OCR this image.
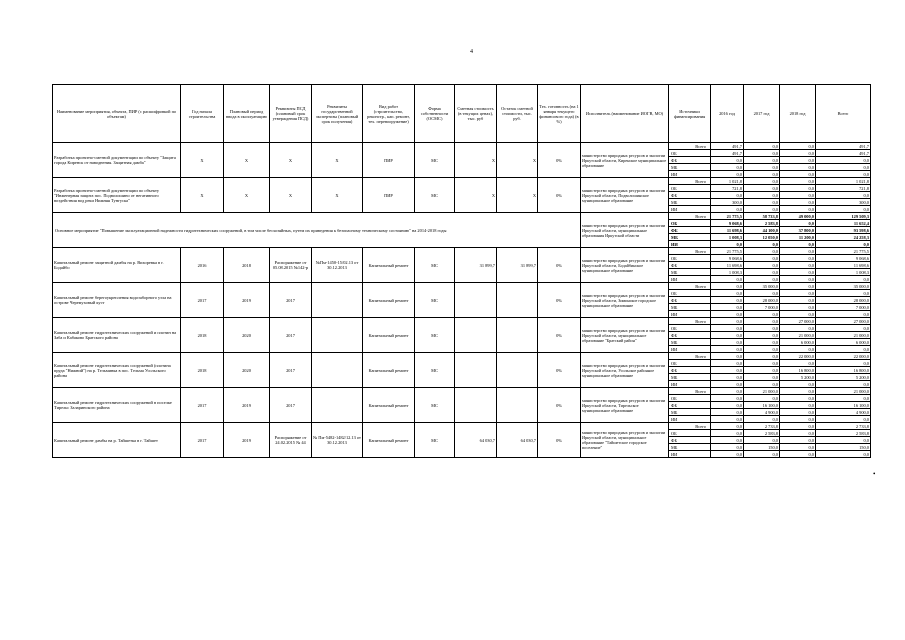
4
Наименование мероприятия, объекта, ПИР (с расшифровкой по объектам)	Год начала строительства	Плановый период ввода в эксплуатацию	Реквизиты ПСД (плановый срок утверждения ПСД)	Реквизиты государственной экспертизы (плановый срок получения)	Вид работ (строительство, реконстр., кап. ремонт, тех. перевооружение)	Форма собственности (ОСМС)	Сметная стоимость (в текущих ценах), тыс. руб	Остаток сметной стоимости, тыс. руб.	Тех. готовность (на 1 января текущего финансового года) (в %)	Исполнитель (наименование ИОГВ, МО)	Источники финансирования	2016 год	2017 год	2018 год	Всего
Разработка проектно-сметной документации по объекту "Защита города Киренск от наводнения. Защитная дамба"	X	X	X	X	ПИР	МС	X	X	0%	министерство природных ресурсов и экологии Иркутской области, Киренское муниципальное образование	Всего	491,7	0,0	0,0	491,7
											ОБ	491,7	0,0	0,0	491,7
											ФБ	0,0	0,0	0,0	0,0
											МБ	0,0	0,0	0,0	0,0
											ИИ	0,0	0,0	0,0	0,0
Разработка проектно-сметной документации по объекту "Инженерная защита пос. Подволошино от негативного воздействия вод реки Нижняя Тунгуска"	X	X	X	X	ПИР	МС	X	X	0%	министерство природных ресурсов и экологии Иркутской области, Подволошинское муниципальное образование	Всего	1 021,8	0,0	0,0	1 021,8
											ОБ	721,8	0,0	0,0	721,8
											ФБ	0,0	0,0	0,0	0,0
											МБ	300,0	0,0	0,0	300,0
											ИИ	0,0	0,0	0,0	0,0
Основное мероприятие "Повышение эксплуатационной надежности гидротехнических сооружений, в том числе бесхозяйных, путем их приведения к безопасному техническому состоянию" на 2014-2018 годы										министерство природных ресурсов и экологии Иркутской области, муниципальные образования Иркутской области	Всего	21 775,5	58 733,8	49 000,0	129 509,3
											ОБ	9 068,6	2 583,8	0,0	11 652,4
											ФБ	11 698,6	44 100,0	37 800,0	93 598,6
											МБ	1 008,3	12 050,0	11 200,0	24 258,3
											ИИ	0,0	0,0	0,0	0,0
Капитальный ремонт защитной дамбы на р. Вихоревка в г. Бодайбо	2016	2018	Распоряжение от 05.08.2015 №142-р	№Пм-1450-15/02.13 от 30.12.2013	Капитальный ремонт	МС	31 899,7	31 899,7	0%	министерство природных ресурсов и экологии Иркутской области, Бодайбинское муниципальное образование	Всего	21 775,5	0,0	0,0	21 775,5
											ОБ	9 068,6	0,0	0,0	9 068,6
											ФБ	11 698,6	0,0	0,0	11 698,6
											МБ	1 008,3	0,0	0,0	1 008,3
											ИИ	0,0	0,0	0,0	0,0
Капитальный ремонт берегоукрепления водозаборного узла на острове Черемуховый куст	2017	2019	2017		Капитальный ремонт	МС			0%	министерство природных ресурсов и экологии Иркутской области, Зиминское городское муниципальное образование	Всего	0,0	35 000,0	0,0	35 000,0
											ОБ	0,0	0,0	0,0	0,0
											ФБ	0,0	28 000,0	0,0	28 000,0
											МБ	0,0	7 000,0	0,0	7 000,0
											ИИ	0,0	0,0	0,0	0,0
Капитальный ремонт гидротехнических сооружений и плотин на Заба и Кабаково Братского района	2018	2020	2017		Капитальный ремонт	МС			0%	министерство природных ресурсов и экологии Иркутской области, муниципальное образование "Братский район"	Всего	0,0	0,0	27 000,0	27 000,0
											ОБ	0,0	0,0	0,0	0,0
											ФБ	0,0	0,0	21 000,0	21 000,0
											МБ	0,0	0,0	6 000,0	6 000,0
											ИИ	0,0	0,0	0,0	0,0
Капитальный ремонт гидротехнических сооружений (плотина пруда "Нижний") на р. Тельминка в пос. Тельма Усольского района	2018	2020	2017		Капитальный ремонт	МС			0%	министерство природных ресурсов и экологии Иркутской области, Усольское районное муниципальное образование	Всего	0,0	0,0	22 000,0	22 000,0
											ОБ	0,0	0,0	0,0	0,0
											ФБ	0,0	0,0	16 800,0	16 800,0
											МБ	0,0	0,0	5 200,0	5 200,0
											ИИ	0,0	0,0	0,0	0,0
Капитальный ремонт гидротехнических сооружений в поселке Тирельс Заларинского района	2017	2019	2017		Капитальный ремонт	МС			0%	министерство природных ресурсов и экологии Иркутской области, Тирельское муниципальное образование	Всего	0,0	21 000,0	0,0	21 000,0
											ОБ	0,0	0,0	0,0	0,0
											ФБ	0,0	16 100,0	0,0	16 100,0
											МБ	0,0	4 900,0	0,0	4 900,0
											ИИ	0,0	0,0	0,0	0,0
Капитальный ремонт дамбы на р. Тайшетка в г. Тайшет	2017	2019	Распоряжение от 24.02.2015 № 44	№ Пм-5482-1482/12.13 от 30.12.2013	Капитальный ремонт	МС	64 030,7	64 030,7	0%	министерство природных ресурсов и экологии Иркутской области, муниципальное образование "Тайшетское городское поселение"	Всего	0,0	2 733,8	0,0	2 733,8
											ОБ	0,0	2 583,8	0,0	2 583,8
											ФБ	0,0	0,0	0,0	0,0
											МБ	0,0	150,0	0,0	150,0
											ИИ	0,0	0,0	0,0	0,0
•
